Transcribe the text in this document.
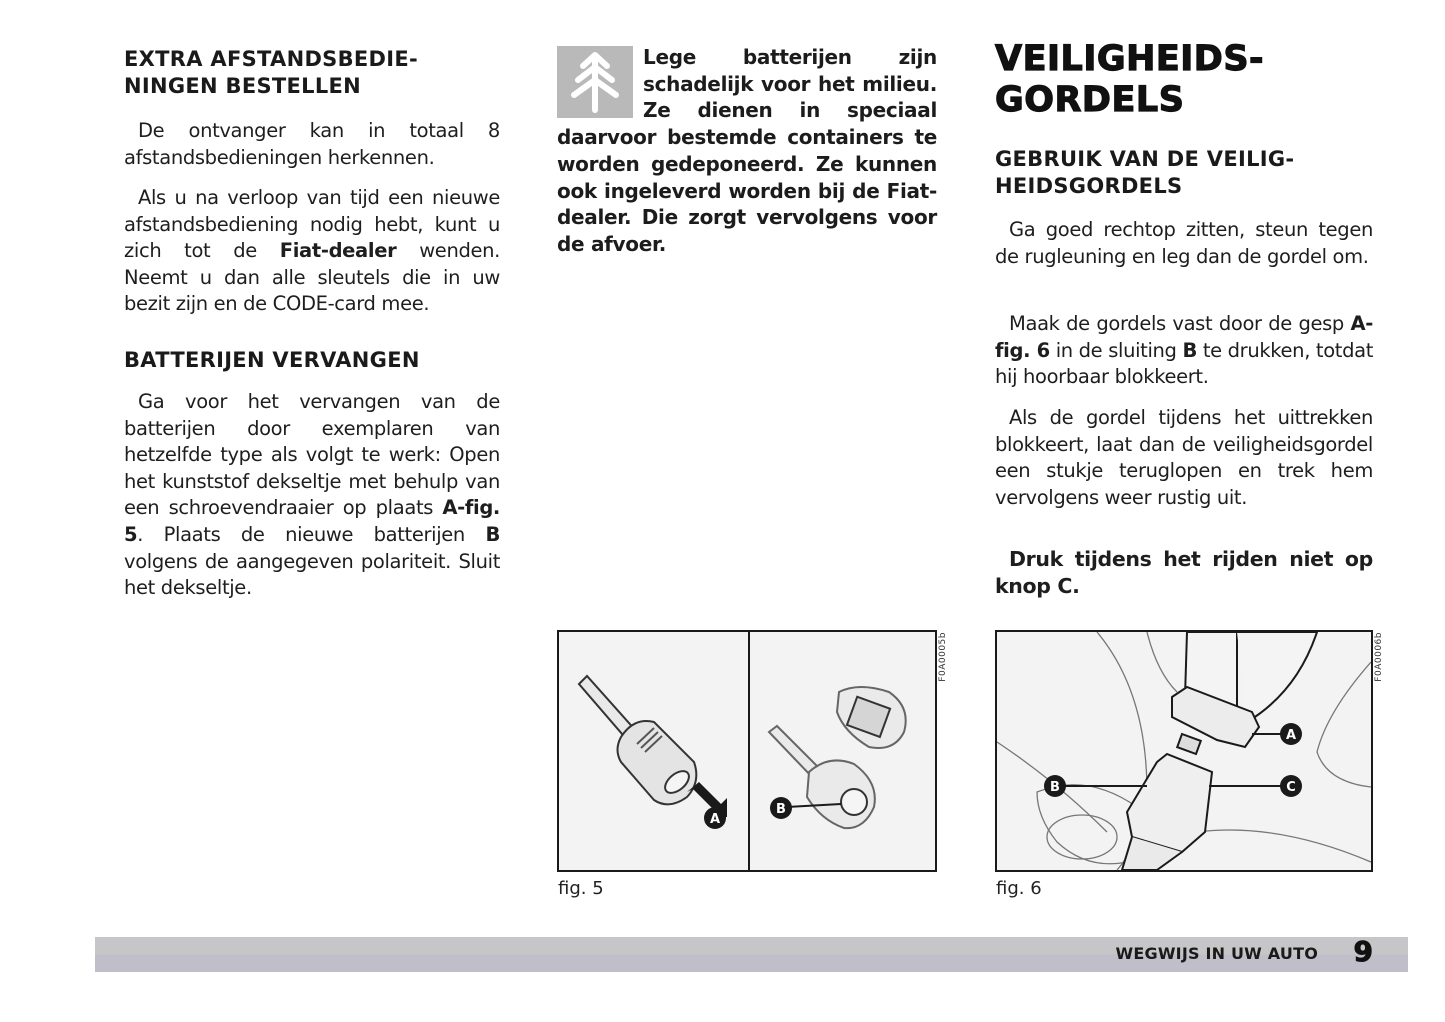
EXTRA AFSTANDSBEDIE-
NINGEN BESTELLEN

De ontvanger kan in totaal 8 afstandsbedieningen herkennen.

Als u na verloop van tijd een nieuwe afstandsbediening nodig hebt, kunt u zich tot de Fiat-dealer wenden. Neemt u dan alle sleutels die in uw bezit zijn en de CODE-card mee.

BATTERIJEN VERVANGEN

Ga voor het vervangen van de batterijen door exemplaren van hetzelfde type als volgt te werk: Open het kunststof dekseltje met behulp van een schroevendraaier op plaats A-fig. 5. Plaats de nieuwe batterijen B volgens de aangegeven polariteit. Sluit het dekseltje.

Lege batterijen zijn schadelijk voor het milieu. Ze dienen in speciaal daarvoor bestemde containers te worden gedeponeerd. Ze kunnen ook ingeleverd worden bij de Fiat-dealer. Die zorgt vervolgens voor de afvoer.

A
B
F0A0005b
fig. 5
VEILIGHEIDS-
GORDELS
GEBRUIK VAN DE VEILIG-
HEIDSGORDELS

Ga goed rechtop zitten, steun tegen de rugleuning en leg dan de gordel om.

Maak de gordels vast door de gesp A-fig. 6 in de sluiting B te drukken, totdat hij hoorbaar blokkeert.

Als de gordel tijdens het uittrekken blokkeert, laat dan de veiligheidsgordel een stukje teruglopen en trek hem vervolgens weer rustig uit.

Druk tijdens het rijden niet op knop C.

A
B	C
F0A0006b
fig. 6
WEGWIJS IN UW AUTO 9
